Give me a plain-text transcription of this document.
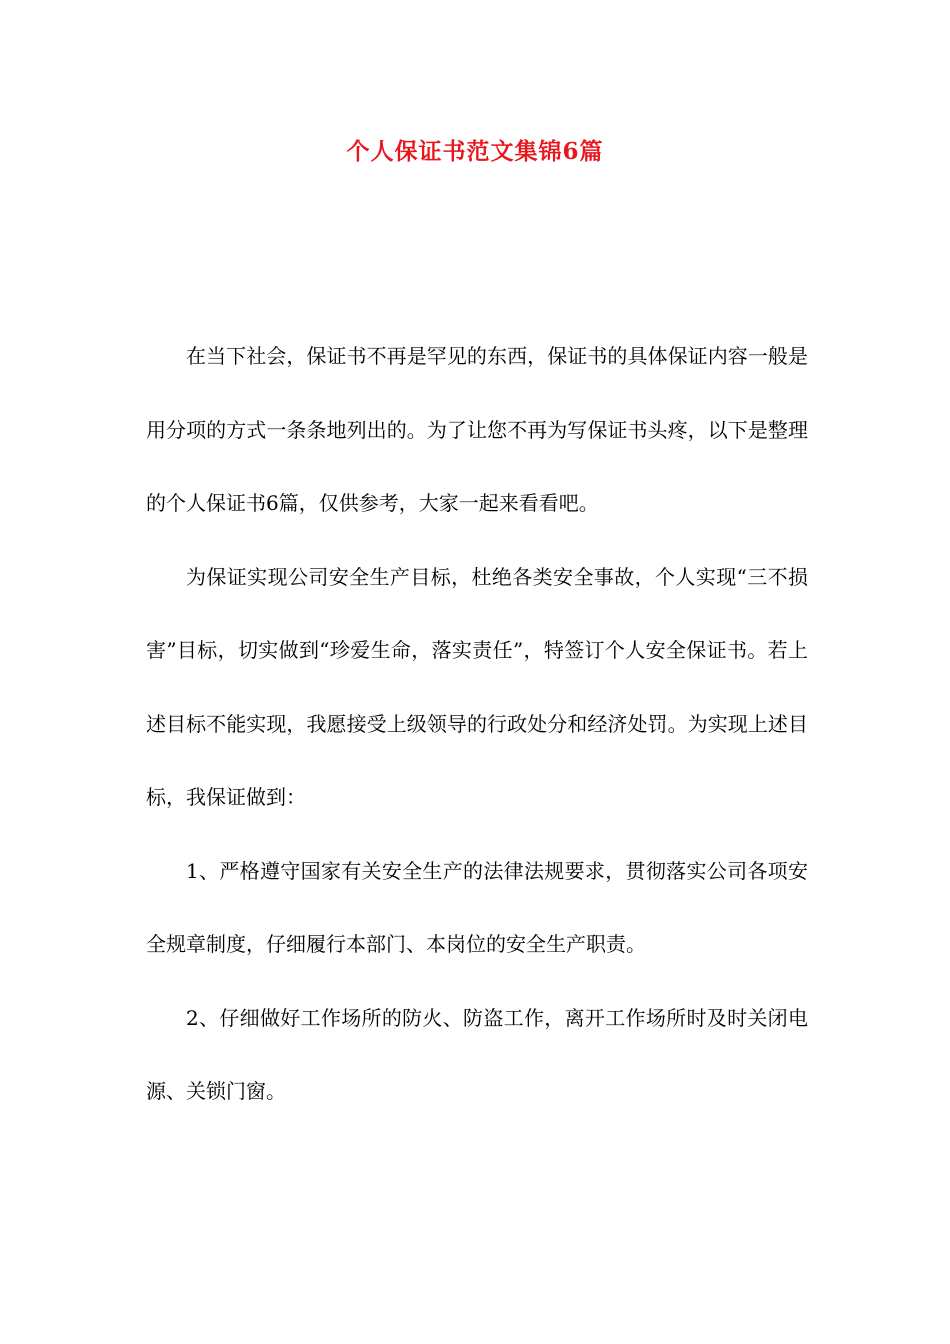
个人保证书范文集锦6篇

在当下社会，保证书不再是罕见的东西，保证书的具体保证内容一般是用分项的方式一条条地列出的。为了让您不再为写保证书头疼，以下是整理的个人保证书6篇，仅供参考，大家一起来看看吧。

为保证实现公司安全生产目标，杜绝各类安全事故，个人实现“三不损害”目标，切实做到“珍爱生命，落实责任”，特签订个人安全保证书。若上述目标不能实现，我愿接受上级领导的行政处分和经济处罚。为实现上述目标，我保证做到：

1、严格遵守国家有关安全生产的法律法规要求，贯彻落实公司各项安全规章制度，仔细履行本部门、本岗位的安全生产职责。

2、仔细做好工作场所的防火、防盗工作，离开工作场所时及时关闭电源、关锁门窗。
